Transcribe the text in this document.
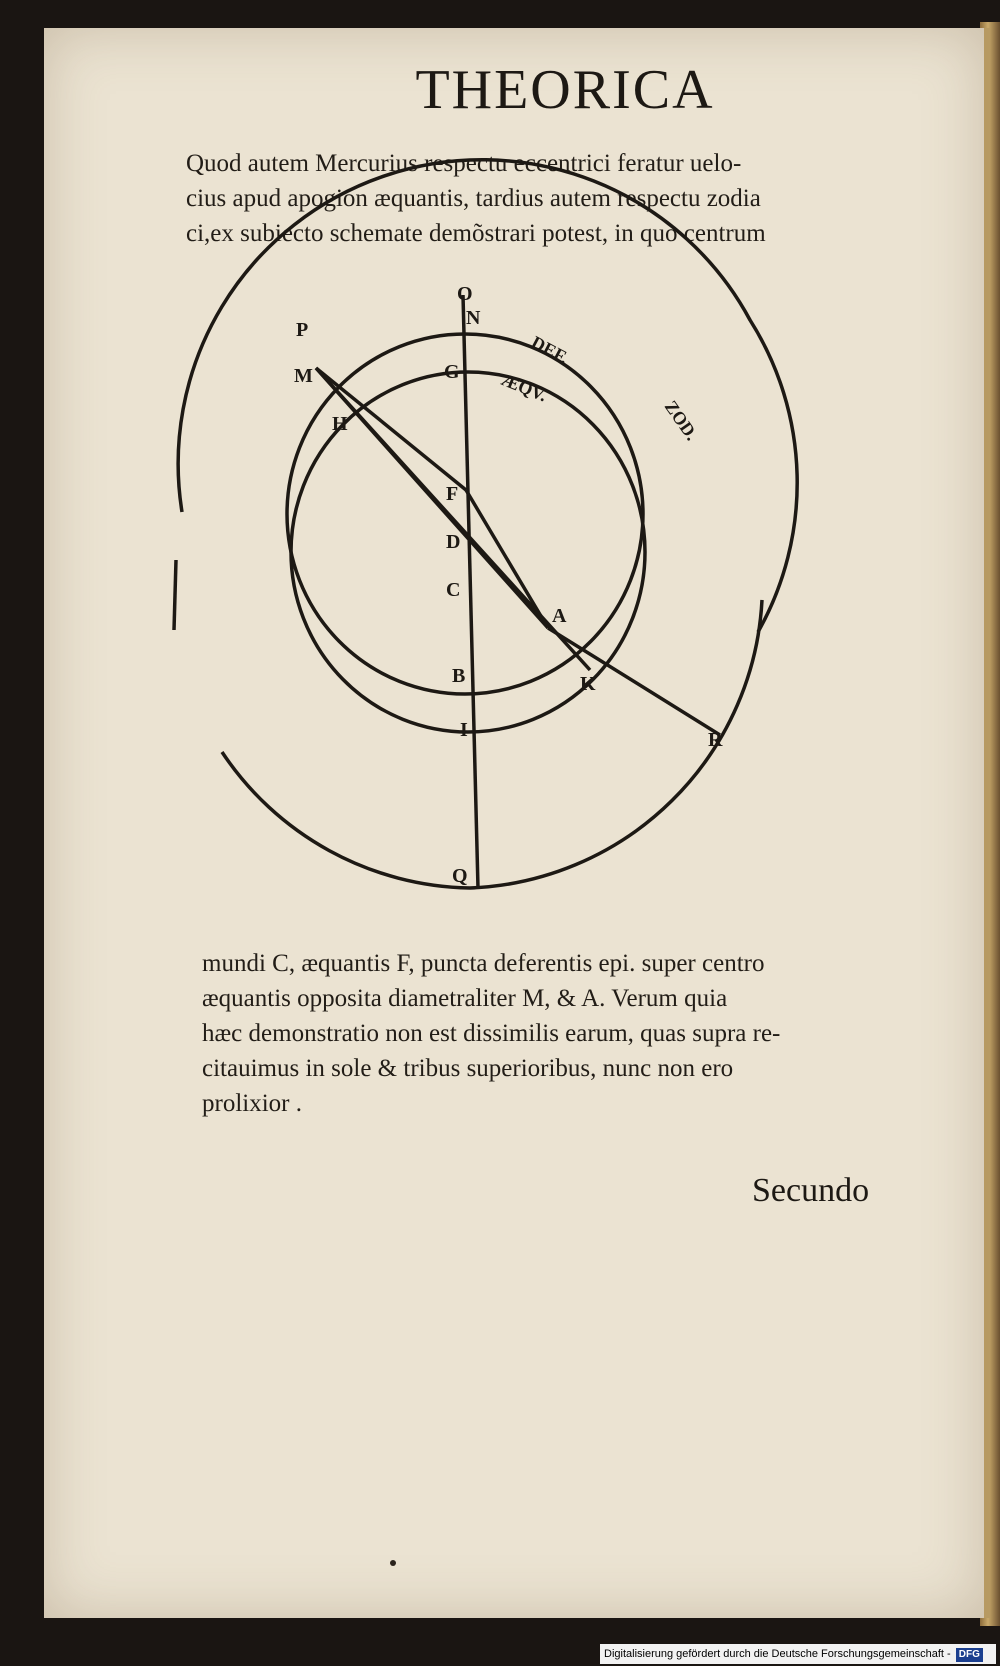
THEORICA

Quod autem Mercurius respectu eccentrici feratur uelo-
cius apud apogion æquantis, tardius autem respectu zodia
ci,ex subiecto schemate demõstrari potest, in quo centrum

O
P
M
H
N
G
F
D
C
A
B	K
I	R
Q
DEF.
ÆQV.
ZOD.

mundi C, æquantis F, puncta deferentis epi. super centro
æquantis opposita diametraliter M, & A. Verum quia
hæc demonstratio non est dissimilis earum, quas supra re-
citauimus in sole & tribus superioribus, nunc non ero
prolixior .

Secundo
Digitalisierung gefördert durch die Deutsche Forschungsgemeinschaft - DFG
